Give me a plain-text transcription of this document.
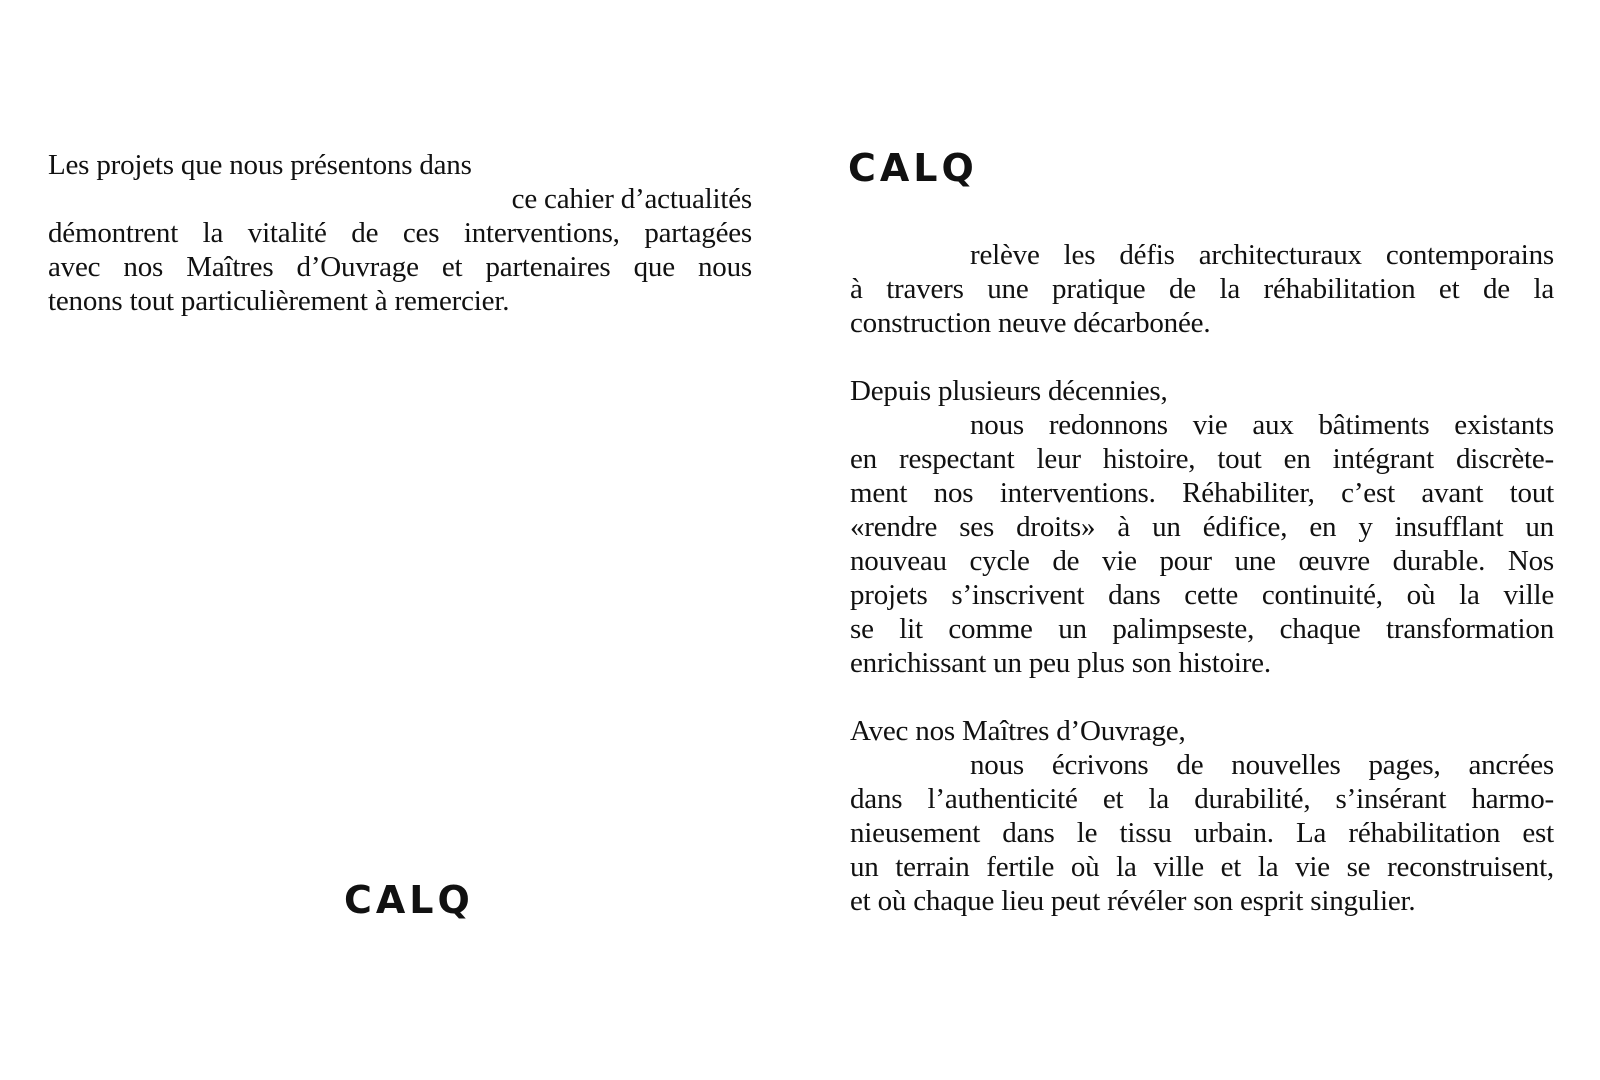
Les projets que nous présentons dans
ce cahier d’actualités
démontrent la vitalité de ces interventions, partagées
avec nos Maîtres d’Ouvrage et partenaires que nous
tenons tout particulièrement à remercier.
CALQ
CALQ
relève les défis architecturaux contemporains
à travers une pratique de la réhabilitation et de la
construction neuve décarbonée.
Depuis plusieurs décennies,
nous redonnons vie aux bâtiments existants
en respectant leur histoire, tout en intégrant discrète-
ment nos interventions. Réhabiliter, c’est avant tout
«rendre ses droits» à un édifice, en y insufflant un
nouveau cycle de vie pour une œuvre durable. Nos
projets s’inscrivent dans cette continuité, où la ville
se lit comme un palimpseste, chaque transformation
enrichissant un peu plus son histoire.
Avec nos Maîtres d’Ouvrage,
nous écrivons de nouvelles pages, ancrées
dans l’authenticité et la durabilité, s’insérant harmo-
nieusement dans le tissu urbain. La réhabilitation est
un terrain fertile où la ville et la vie se reconstruisent,
et où chaque lieu peut révéler son esprit singulier.
